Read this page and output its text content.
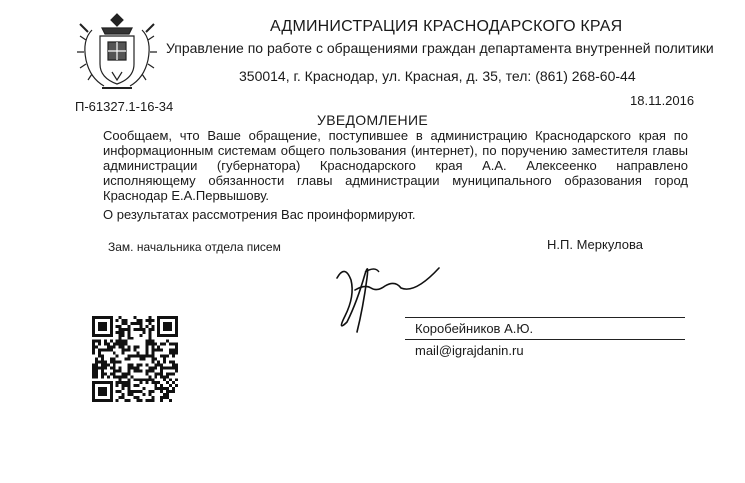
АДМИНИСТРАЦИЯ КРАСНОДАРСКОГО КРАЯ
Управление по работе с обращениями граждан департамента внутренней политики
350014, г. Краснодар, ул. Красная, д. 35, тел: (861) 268-60-44
П-61327.1-16-34	18.11.2016
УВЕДОМЛЕНИЕ

Сообщаем, что Ваше обращение, поступившее в администрацию Краснодарского края по информационным системам общего пользования (интернет), по поручению заместителя главы администрации (губернатора) Краснодарского края А.А. Алексеенко направлено исполняющему обязанности главы администрации муниципального образования город Краснодар Е.А.Первышову.

О результатах рассмотрения Вас проинформируют.
Зам. начальника отдела писем	Н.П. Меркулова
Коробейников А.Ю.
mail@igrajdanin.ru
